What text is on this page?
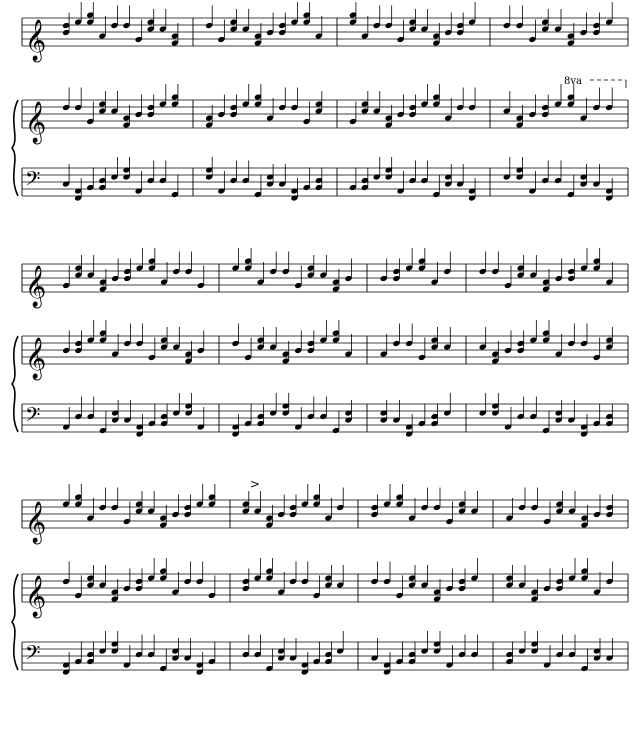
𝄞
𝄞
𝄢
𝄞
𝄞
𝄢
𝄞
𝄞
𝄢
8va
>
